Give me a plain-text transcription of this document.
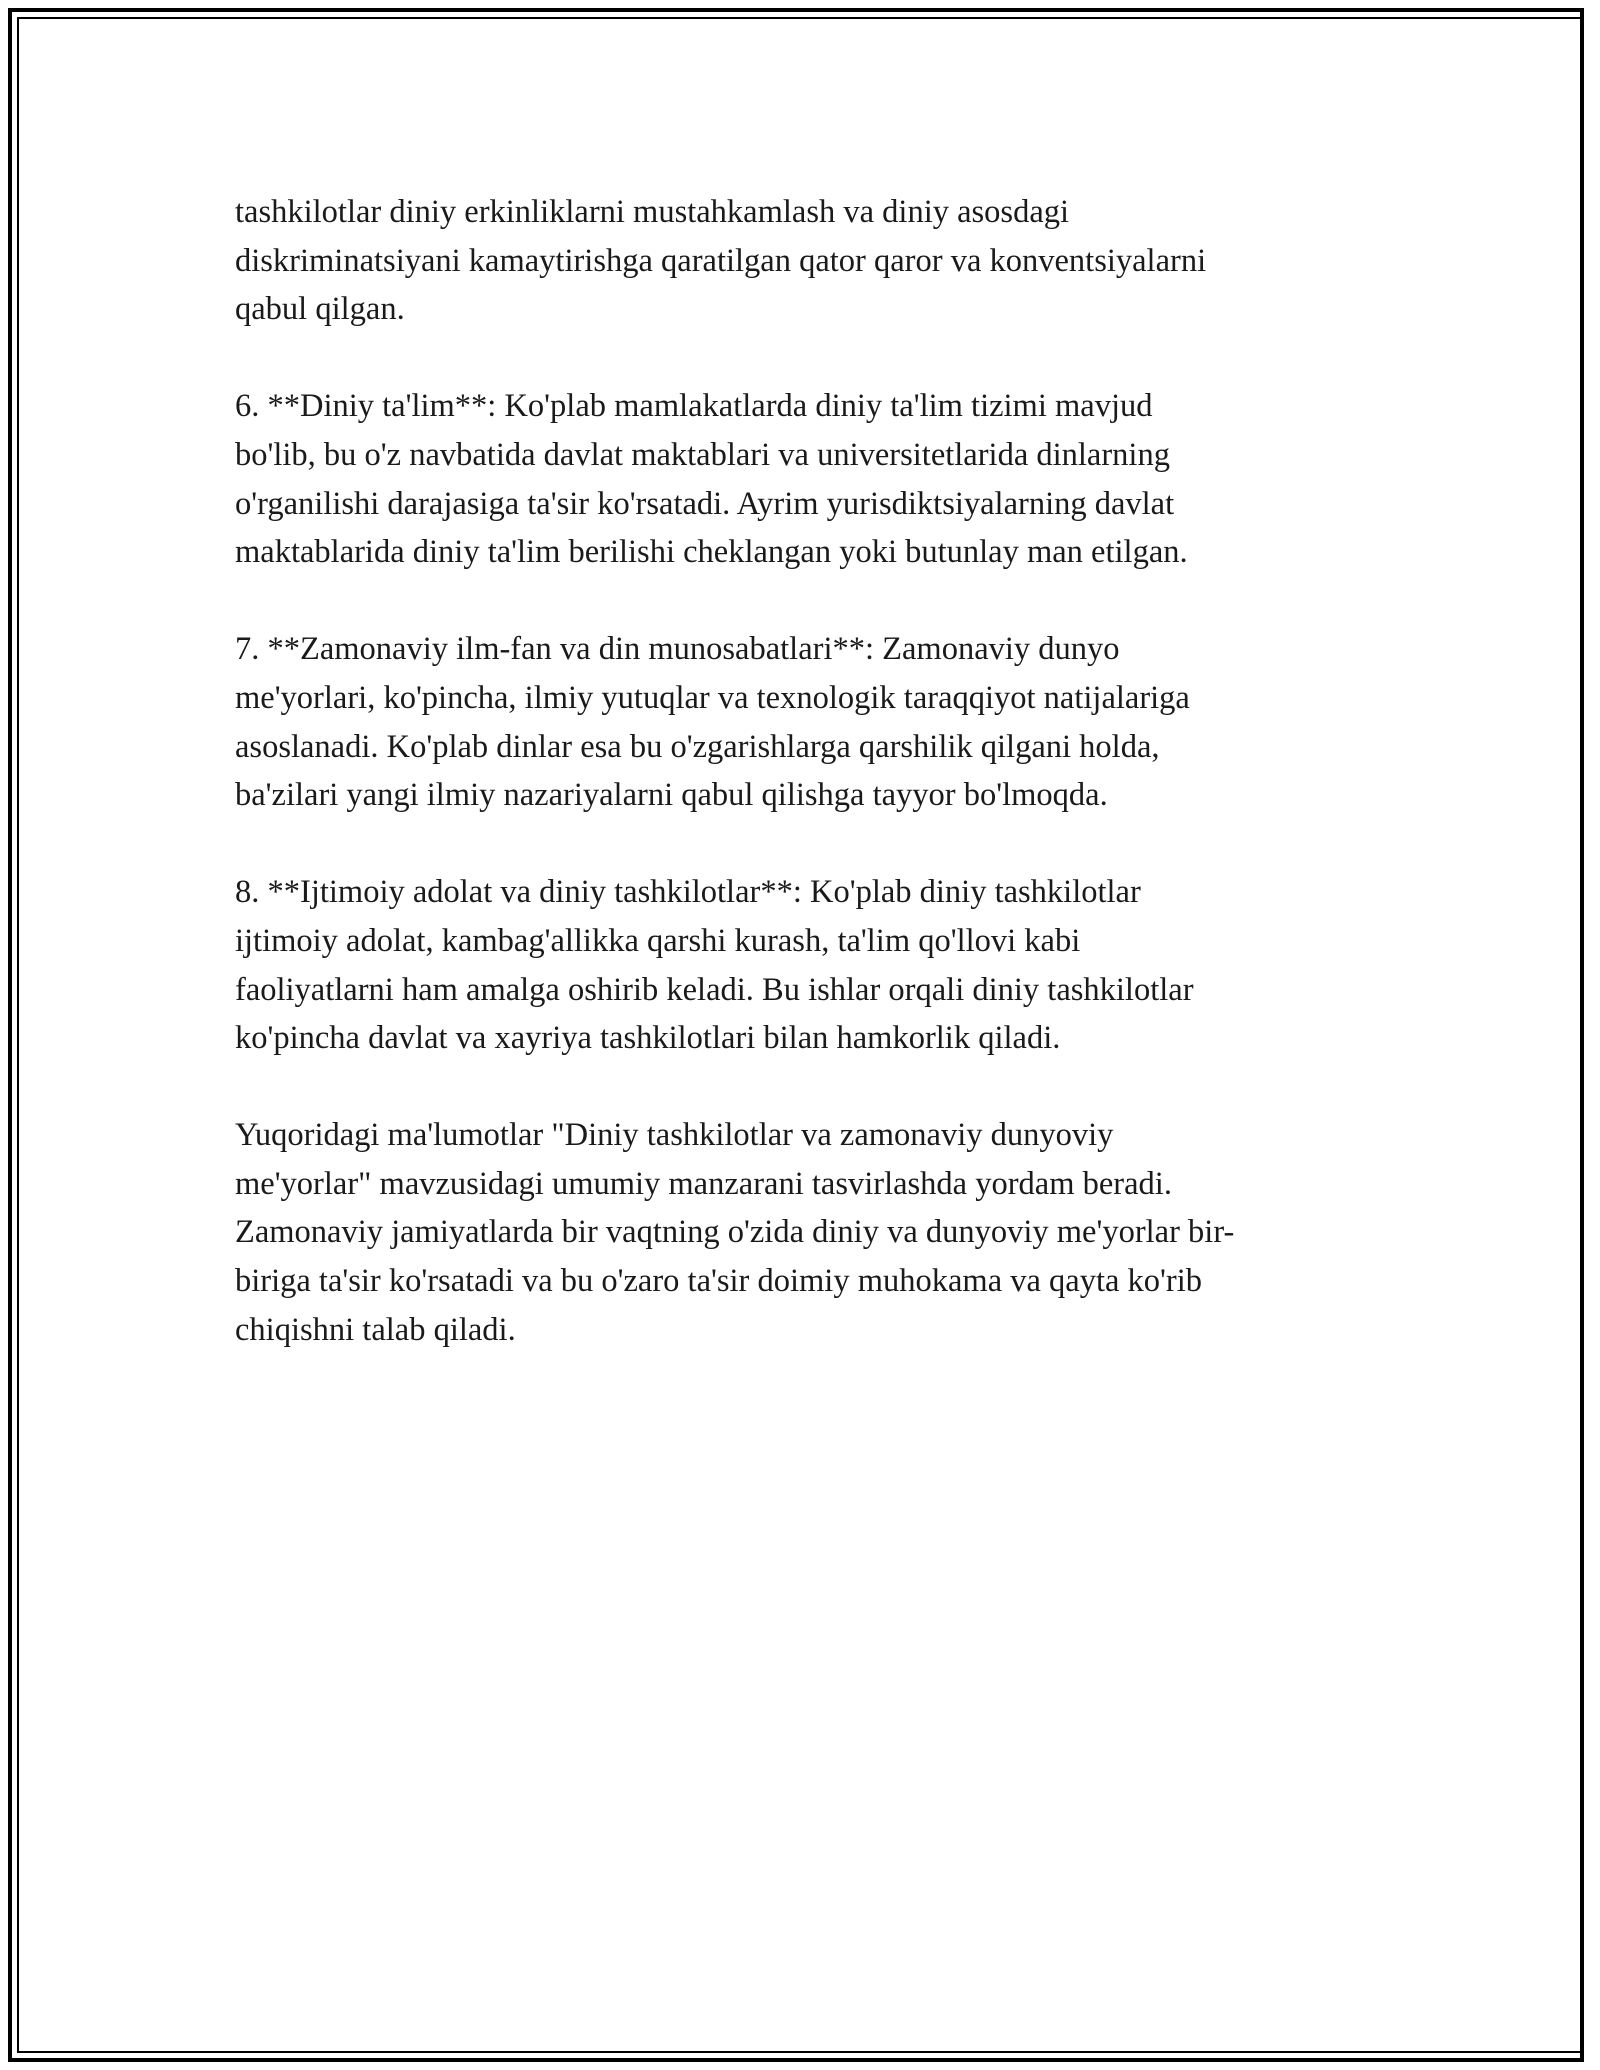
tashkilotlar diniy erkinliklarni mustahkamlash va diniy asosdagi
diskriminatsiyani kamaytirishga qaratilgan qator qaror va konventsiyalarni
qabul qilgan.

6. **Diniy ta'lim**: Ko'plab mamlakatlarda diniy ta'lim tizimi mavjud
bo'lib, bu o'z navbatida davlat maktablari va universitetlarida dinlarning
o'rganilishi darajasiga ta'sir ko'rsatadi. Ayrim yurisdiktsiyalarning davlat
maktablarida diniy ta'lim berilishi cheklangan yoki butunlay man etilgan.

7. **Zamonaviy ilm-fan va din munosabatlari**: Zamonaviy dunyo
me'yorlari, ko'pincha, ilmiy yutuqlar va texnologik taraqqiyot natijalariga
asoslanadi. Ko'plab dinlar esa bu o'zgarishlarga qarshilik qilgani holda,
ba'zilari yangi ilmiy nazariyalarni qabul qilishga tayyor bo'lmoqda.

8. **Ijtimoiy adolat va diniy tashkilotlar**: Ko'plab diniy tashkilotlar
ijtimoiy adolat, kambag'allikka qarshi kurash, ta'lim qo'llovi kabi
faoliyatlarni ham amalga oshirib keladi. Bu ishlar orqali diniy tashkilotlar
ko'pincha davlat va xayriya tashkilotlari bilan hamkorlik qiladi.

Yuqoridagi ma'lumotlar "Diniy tashkilotlar va zamonaviy dunyoviy
me'yorlar" mavzusidagi umumiy manzarani tasvirlashda yordam beradi.
Zamonaviy jamiyatlarda bir vaqtning o'zida diniy va dunyoviy me'yorlar bir-
biriga ta'sir ko'rsatadi va bu o'zaro ta'sir doimiy muhokama va qayta ko'rib
chiqishni talab qiladi.
